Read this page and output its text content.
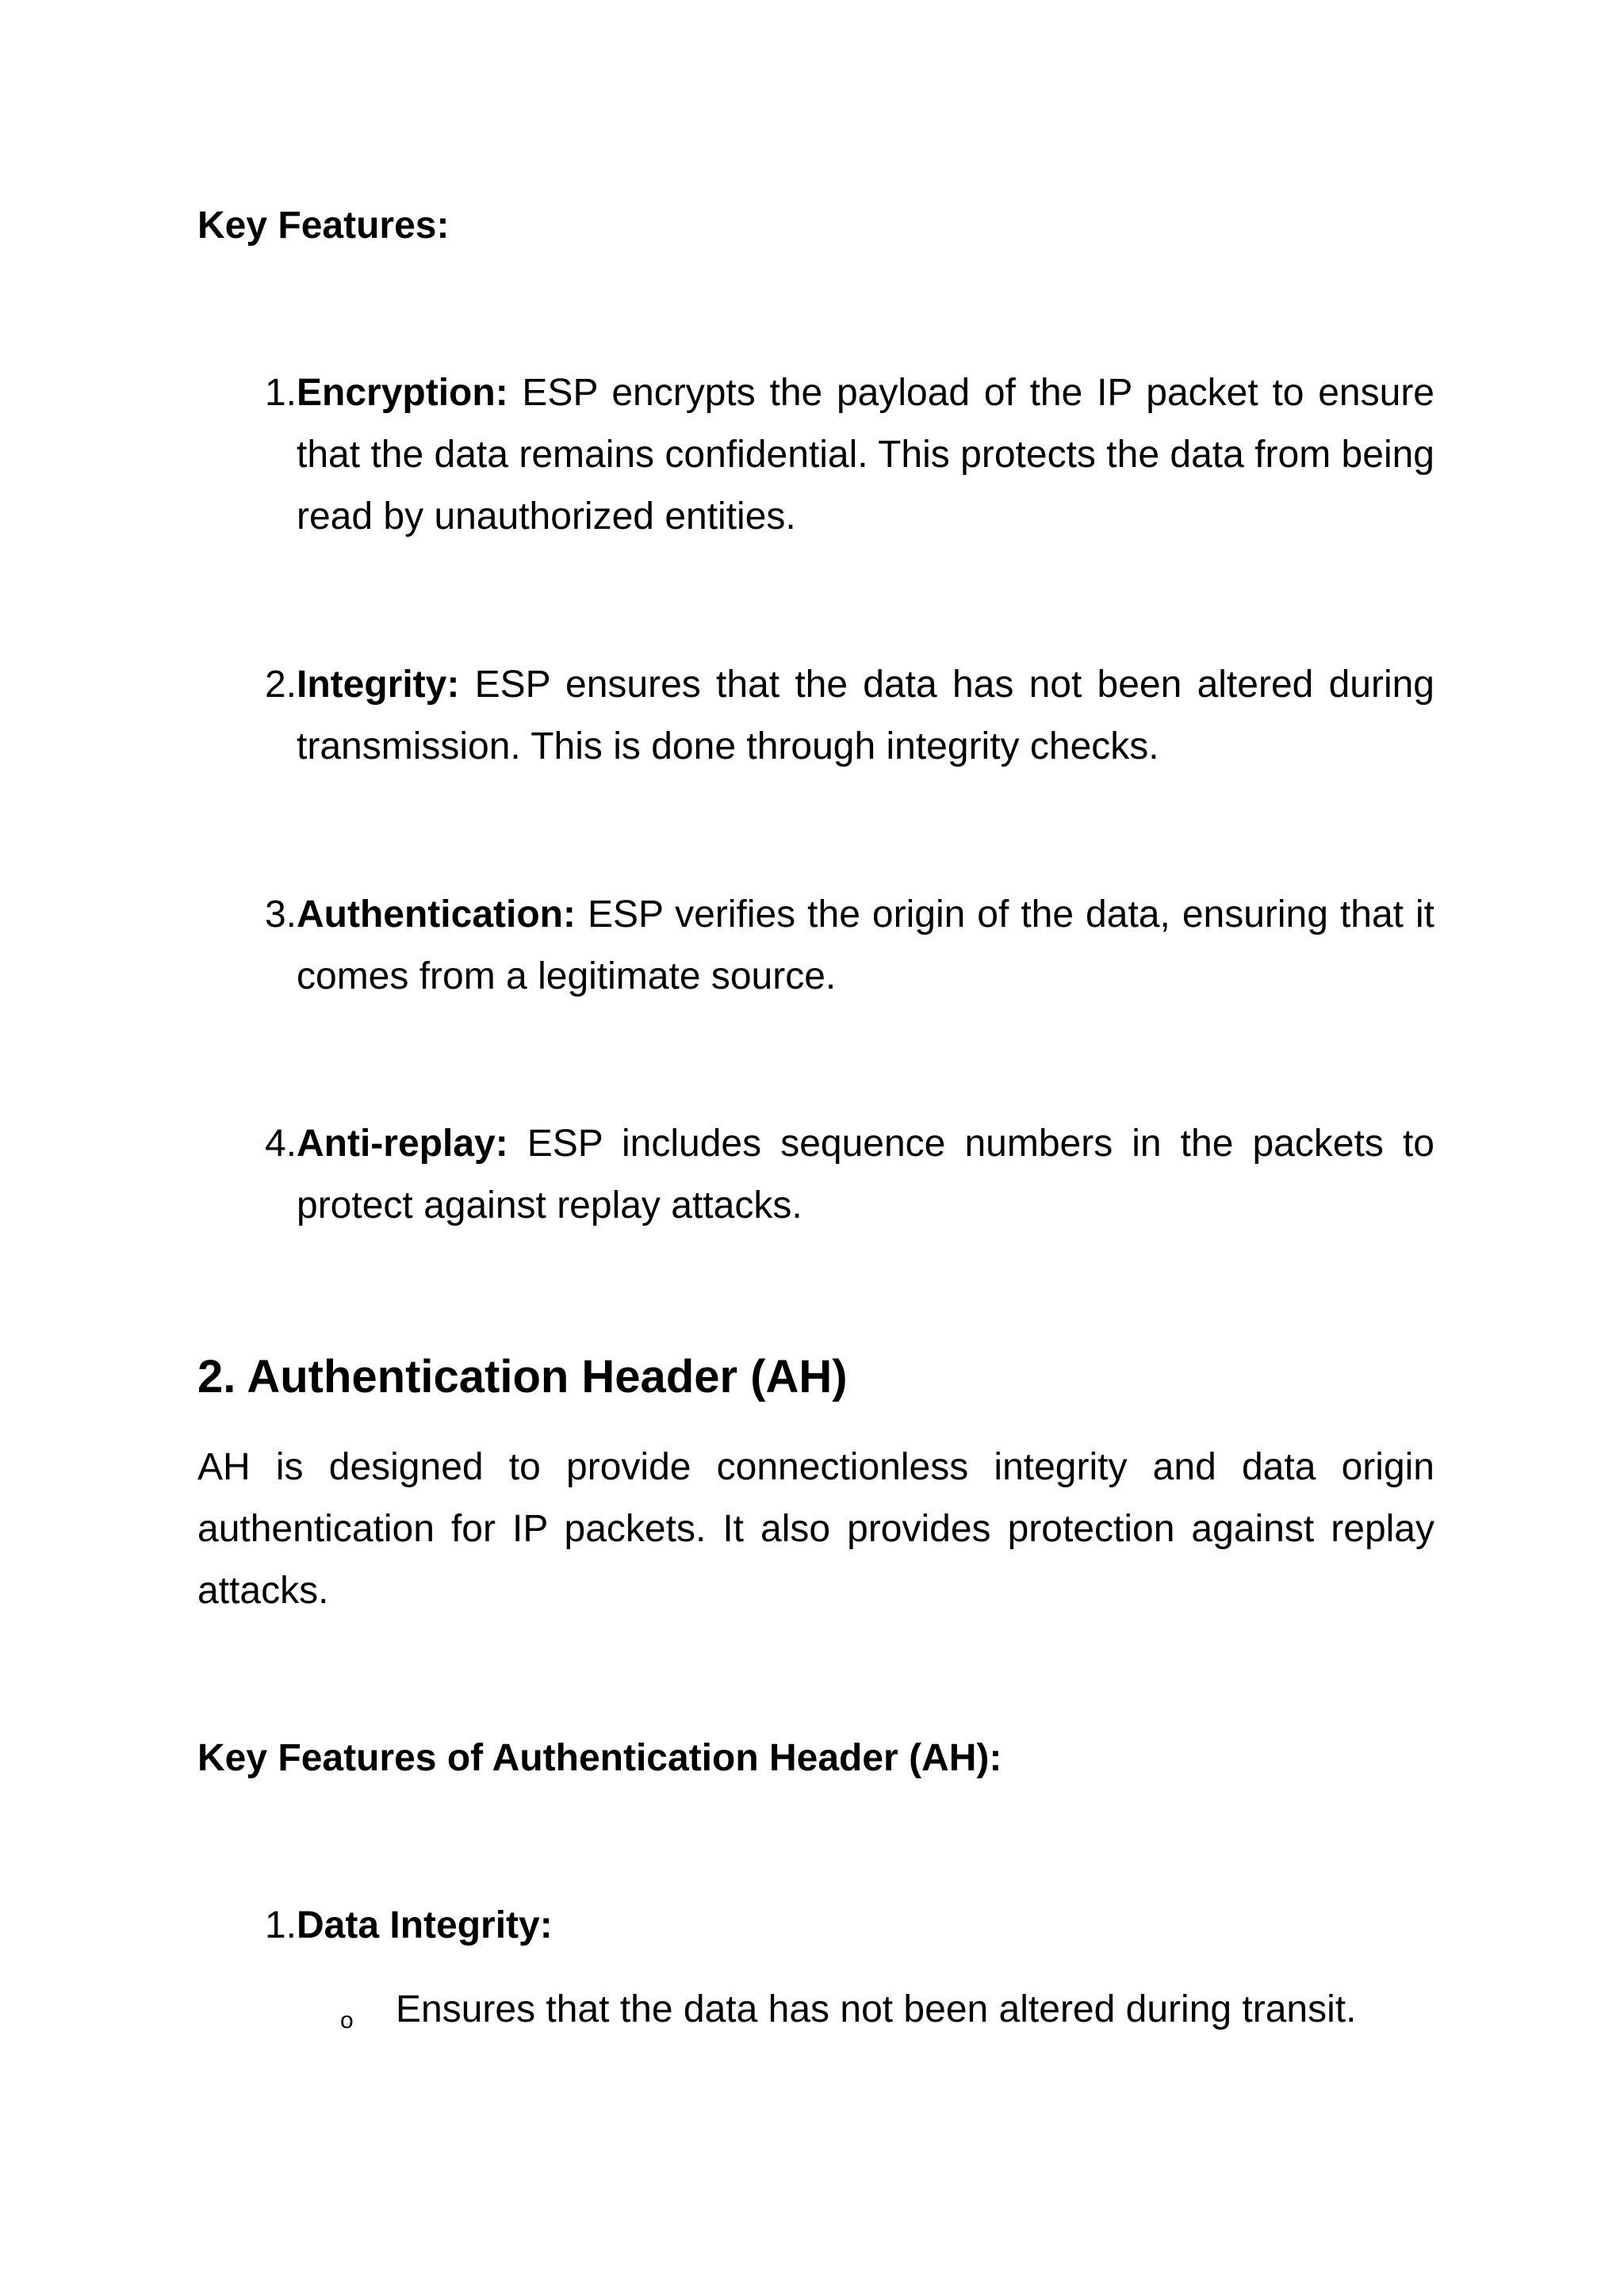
Key Features:
1. Encryption: ESP encrypts the payload of the IP packet to ensure that the data remains confidential. This protects the data from being read by unauthorized entities.
2. Integrity: ESP ensures that the data has not been altered during transmission. This is done through integrity checks.
3. Authentication: ESP verifies the origin of the data, ensuring that it comes from a legitimate source.
4. Anti-replay: ESP includes sequence numbers in the packets to protect against replay attacks.
2. Authentication Header (AH)

AH is designed to provide connectionless integrity and data origin authentication for IP packets. It also provides protection against replay attacks.

Key Features of Authentication Header (AH):
1. Data Integrity:
o Ensures that the data has not been altered during transit.
